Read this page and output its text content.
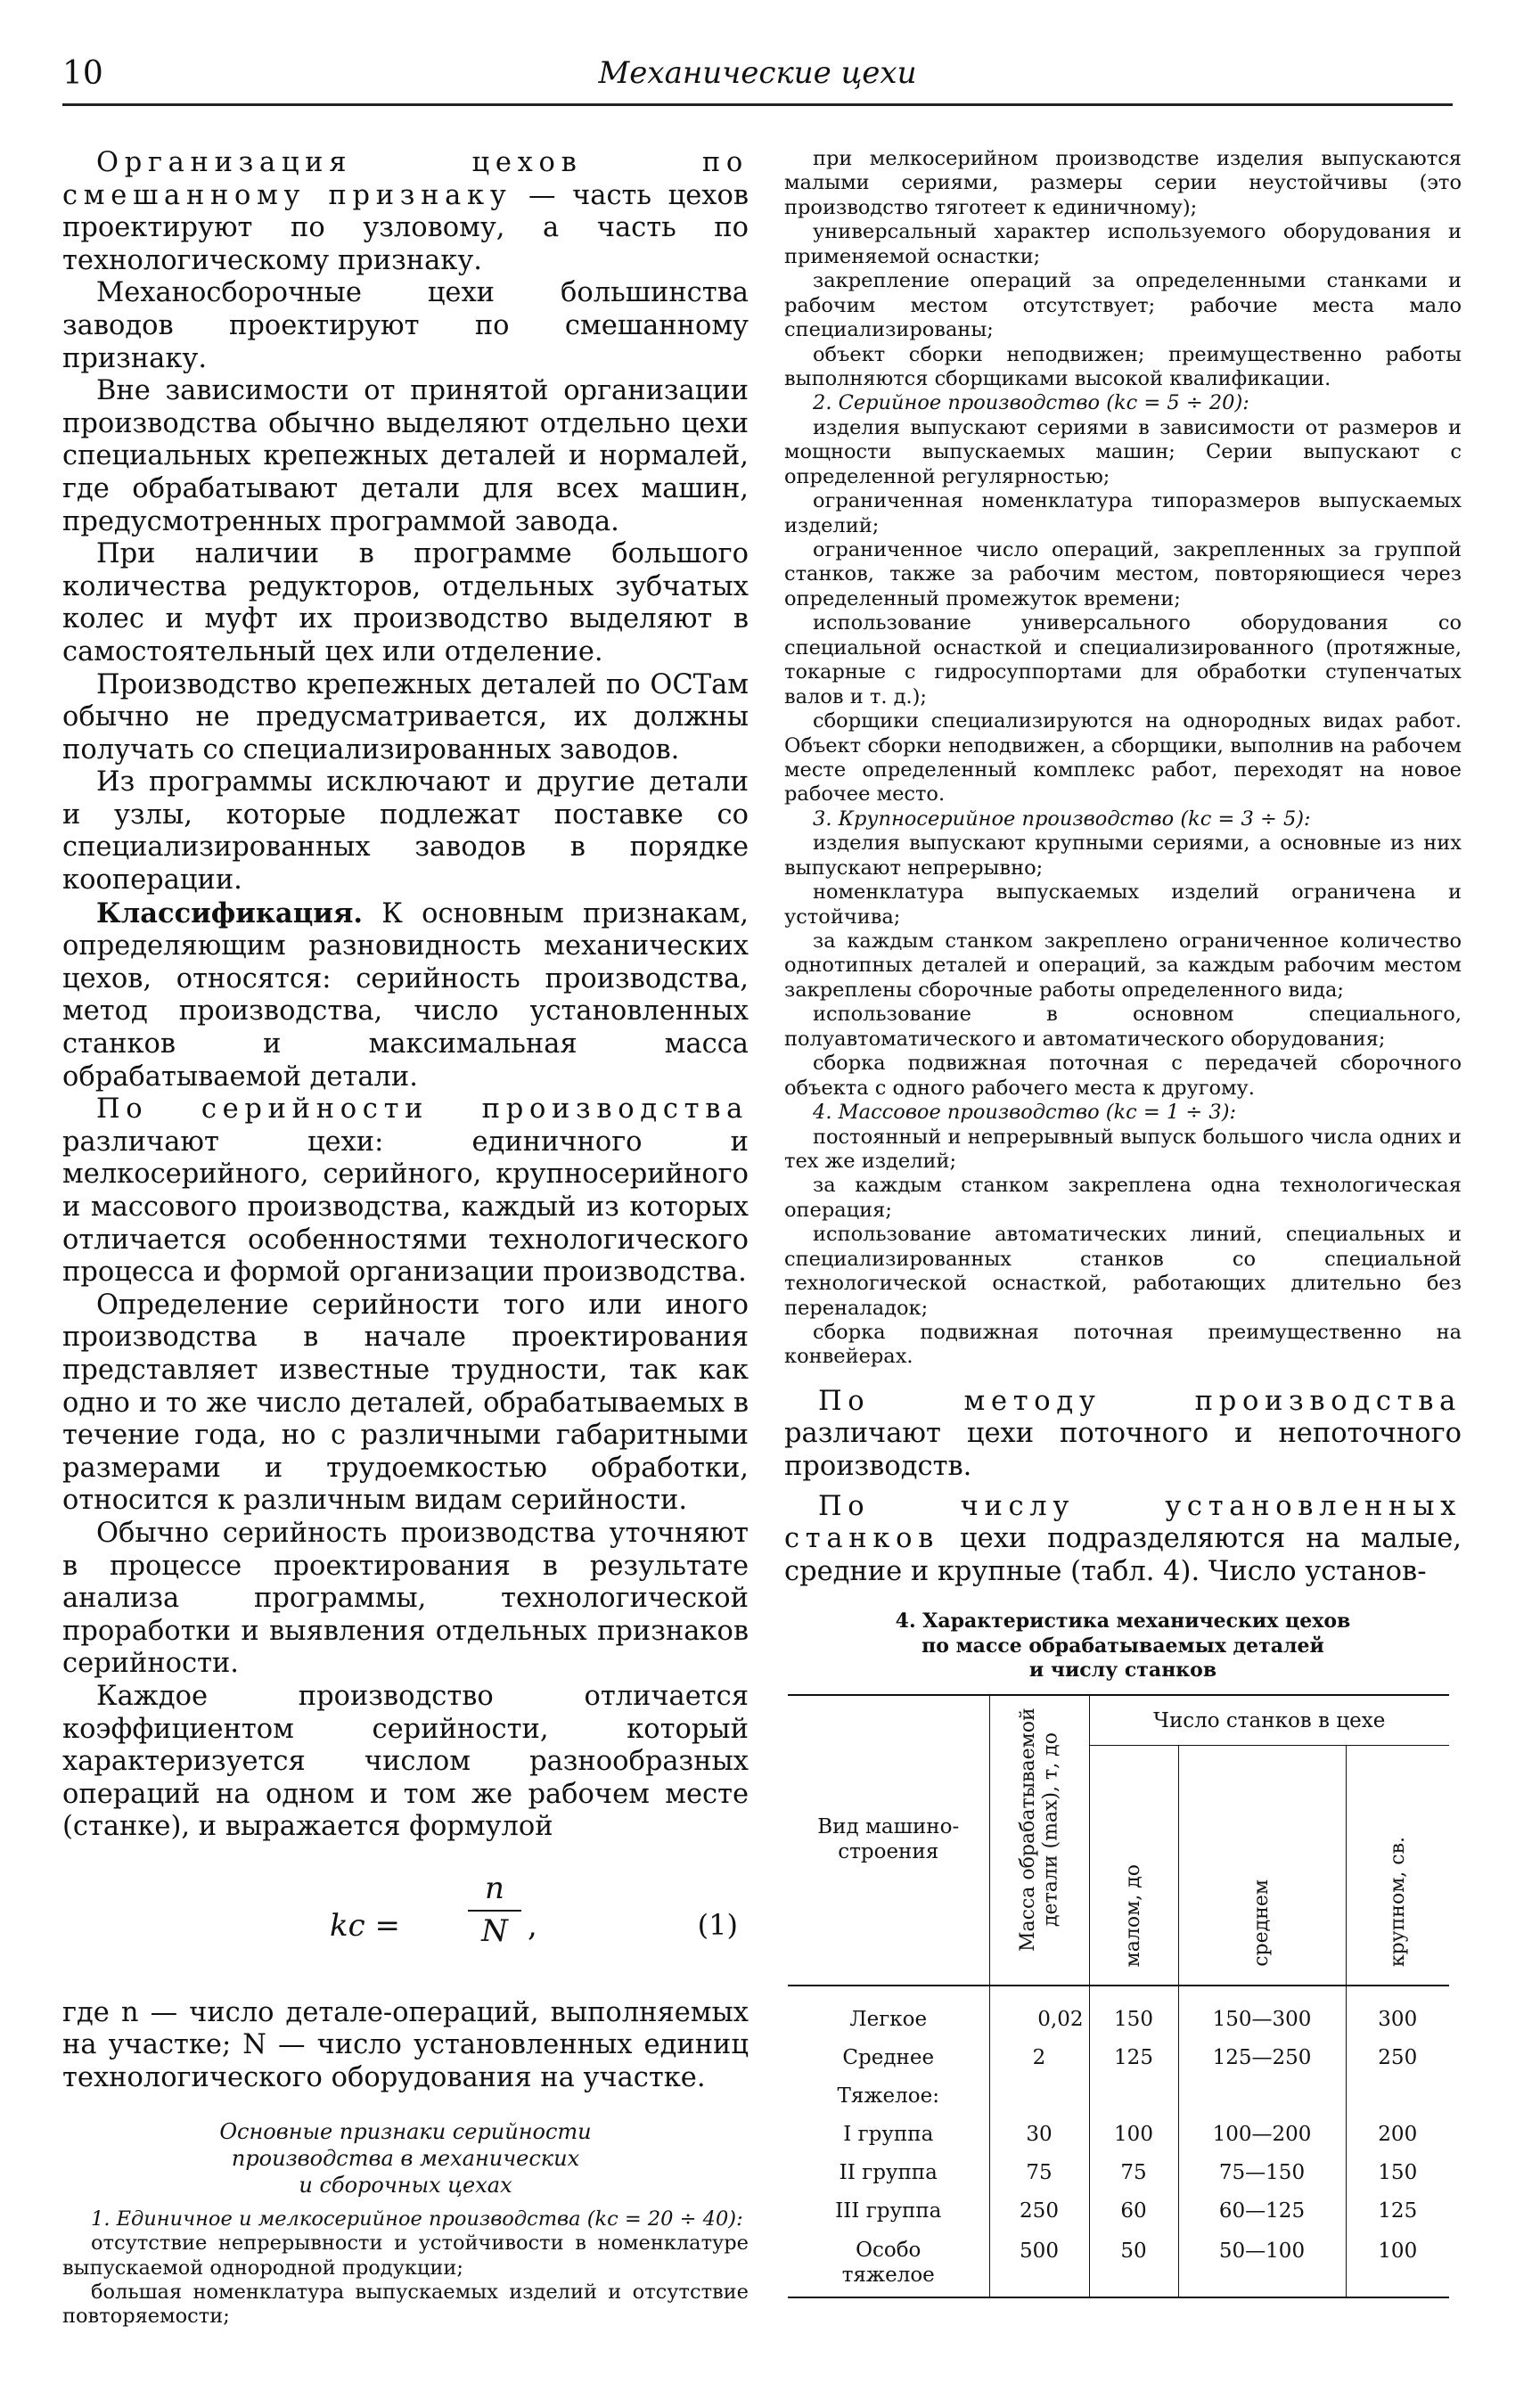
10	Механические цехи

Организация цехов по смешанному признаку — часть цехов проектируют по узловому, а часть по технологическому признаку.

Механосборочные цехи большинства заводов проектируют по смешанному признаку.

Вне зависимости от принятой организации производства обычно выделяют отдельно цехи специальных крепежных деталей и нормалей, где обрабатывают детали для всех машин, предусмотренных программой завода.

При наличии в программе большого количества редукторов, отдельных зубчатых колес и муфт их производство выделяют в самостоятельный цех или отделение.

Производство крепежных деталей по ОСТам обычно не предусматривается, их должны получать со специализированных заводов.

Из программы исключают и другие детали и узлы, которые подлежат поставке со специализированных заводов в порядке кооперации.

Классификация. К основным признакам, определяющим разновидность механических цехов, относятся: серийность производства, метод производства, число установленных станков и максимальная масса обрабатываемой детали.

По серийности производства различают цехи: единичного и мелкосерийного, серийного, крупносерийного и массового производства, каждый из которых отличается особенностями технологического процесса и формой организации производства.

Определение серийности того или иного производства в начале проектирования представляет известные трудности, так как одно и то же число деталей, обрабатываемых в течение года, но с различными габаритными размерами и трудоемкостью обработки, относится к различным видам серийности.

Обычно серийность производства уточняют в процессе проектирования в результате анализа программы, технологической проработки и выявления отдельных признаков серийности.

Каждое производство отличается коэффициентом серийности, который характеризуется числом разнообразных операций на одном и том же рабочем месте (станке), и выражается формулой

kс = $\frac{n}{N}$ ,	(1)

где n — число детале-операций, выполняемых на участке; N — число установленных единиц технологического оборудования на участке.

Основные признаки серийности
производства в механических
и сборочных цехах

1. Единичное и мелкосерийное производства (kс = 20 ÷ 40):

отсутствие непрерывности и устойчивости в номенклатуре выпускаемой однородной продукции;

большая номенклатура выпускаемых изделий и отсутствие повторяемости;

при мелкосерийном производстве изделия выпускаются малыми сериями, размеры серии неустойчивы (это производство тяготеет к единичному);

универсальный характер используемого оборудования и применяемой оснастки;

закрепление операций за определенными станками и рабочим местом отсутствует; рабочие места мало специализированы;

объект сборки неподвижен; преимущественно работы выполняются сборщиками высокой квалификации.

2. Серийное производство (kс = 5 ÷ 20):

изделия выпускают сериями в зависимости от размеров и мощности выпускаемых машин; Серии выпускают с определенной регулярностью;

ограниченная номенклатура типоразмеров выпускаемых изделий;

ограниченное число операций, закрепленных за группой станков, также за рабочим местом, повторяющиеся через определенный промежуток времени;

использование универсального оборудования со специальной оснасткой и специализированного (протяжные, токарные с гидросуппортами для обработки ступенчатых валов и т. д.);

сборщики специализируются на однородных видах работ. Объект сборки неподвижен, а сборщики, выполнив на рабочем месте определенный комплекс работ, переходят на новое рабочее место.

3. Крупносерийное производство (kс = 3 ÷ 5):

изделия выпускают крупными сериями, а основные из них выпускают непрерывно;

номенклатура выпускаемых изделий ограничена и устойчива;

за каждым станком закреплено ограниченное количество однотипных деталей и операций, за каждым рабочим местом закреплены сборочные работы определенного вида;

использование в основном специального, полуавтоматического и автоматического оборудования;

сборка подвижная поточная с передачей сборочного объекта с одного рабочего места к другому.

4. Массовое производство (kс = 1 ÷ 3):

постоянный и непрерывный выпуск большого числа одних и тех же изделий;

за каждым станком закреплена одна технологическая операция;

использование автоматических линий, специальных и специализированных станков со специальной технологической оснасткой, работающих длительно без переналадок;

сборка подвижная поточная преимущественно на конвейерах.

По методу производства различают цехи поточного и непоточного производств.

По числу установленных станков цехи подразделяются на малые, средние и крупные (табл. 4). Число установ-

4. Характеристика механических цехов
по массе обрабатываемых деталей
и числу станков
Вид машино-строения	Масса обрабатываемой детали (max), т, до	Число станков в цехе		
		малом, до	среднем	крупном, св.
Легкое	0,02	150	150—300	300
Среднее	2	125	125—250	250
Тяжелое:				
I группа	30	100	100—200	200
II группа	75	75	75—150	150
III группа	250	60	60—125	125
Особо тяжелое	500	50	50—100	100
